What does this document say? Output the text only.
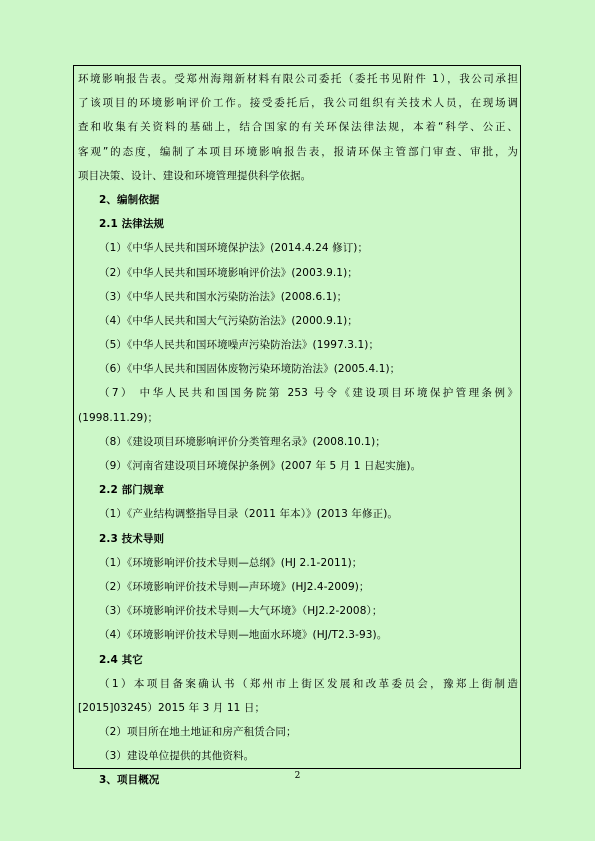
环境影响报告表。受郑州海翔新材料有限公司委托（委托书见附件 1），我公司承担
了该项目的环境影响评价工作。接受委托后，我公司组织有关技术人员，在现场调
查和收集有关资料的基础上，结合国家的有关环保法律法规，本着“科学、公正、
客观”的态度，编制了本项目环境影响报告表，报请环保主管部门审查、审批，为
项目决策、设计、建设和环境管理提供科学依据。
2、编制依据
2.1 法律法规
（1）《中华人民共和国环境保护法》(2014.4.24 修订)；
（2）《中华人民共和国环境影响评价法》(2003.9.1)；
（3）《中华人民共和国水污染防治法》(2008.6.1)；
（4）《中华人民共和国大气污染防治法》(2000.9.1)；
（5）《中华人民共和国环境噪声污染防治法》(1997.3.1)；
（6）《中华人民共和国固体废物污染环境防治法》(2005.4.1)；
（7） 中华人民共和国国务院第 253 号令《建设项目环境保护管理条例》
(1998.11.29)；
（8）《建设项目环境影响评价分类管理名录》(2008.10.1)；
（9）《河南省建设项目环境保护条例》(2007 年 5 月 1 日起实施)。
2.2 部门规章
（1）《产业结构调整指导目录（2011 年本）》(2013 年修正)。
2.3 技术导则
（1）《环境影响评价技术导则—总纲》(HJ 2.1-2011)；
（2）《环境影响评价技术导则—声环境》(HJ2.4-2009)；
（3）《环境影响评价技术导则—大气环境》（HJ2.2-2008）；
（4）《环境影响评价技术导则—地面水环境》(HJ/T2.3-93)。
2.4 其它
（1）本项目备案确认书（郑州市上街区发展和改革委员会，豫郑上街制造
[2015]03245）2015 年 3 月 11 日；
（2）项目所在地土地证和房产租赁合同；
（3）建设单位提供的其他资料。
3、项目概况	2
